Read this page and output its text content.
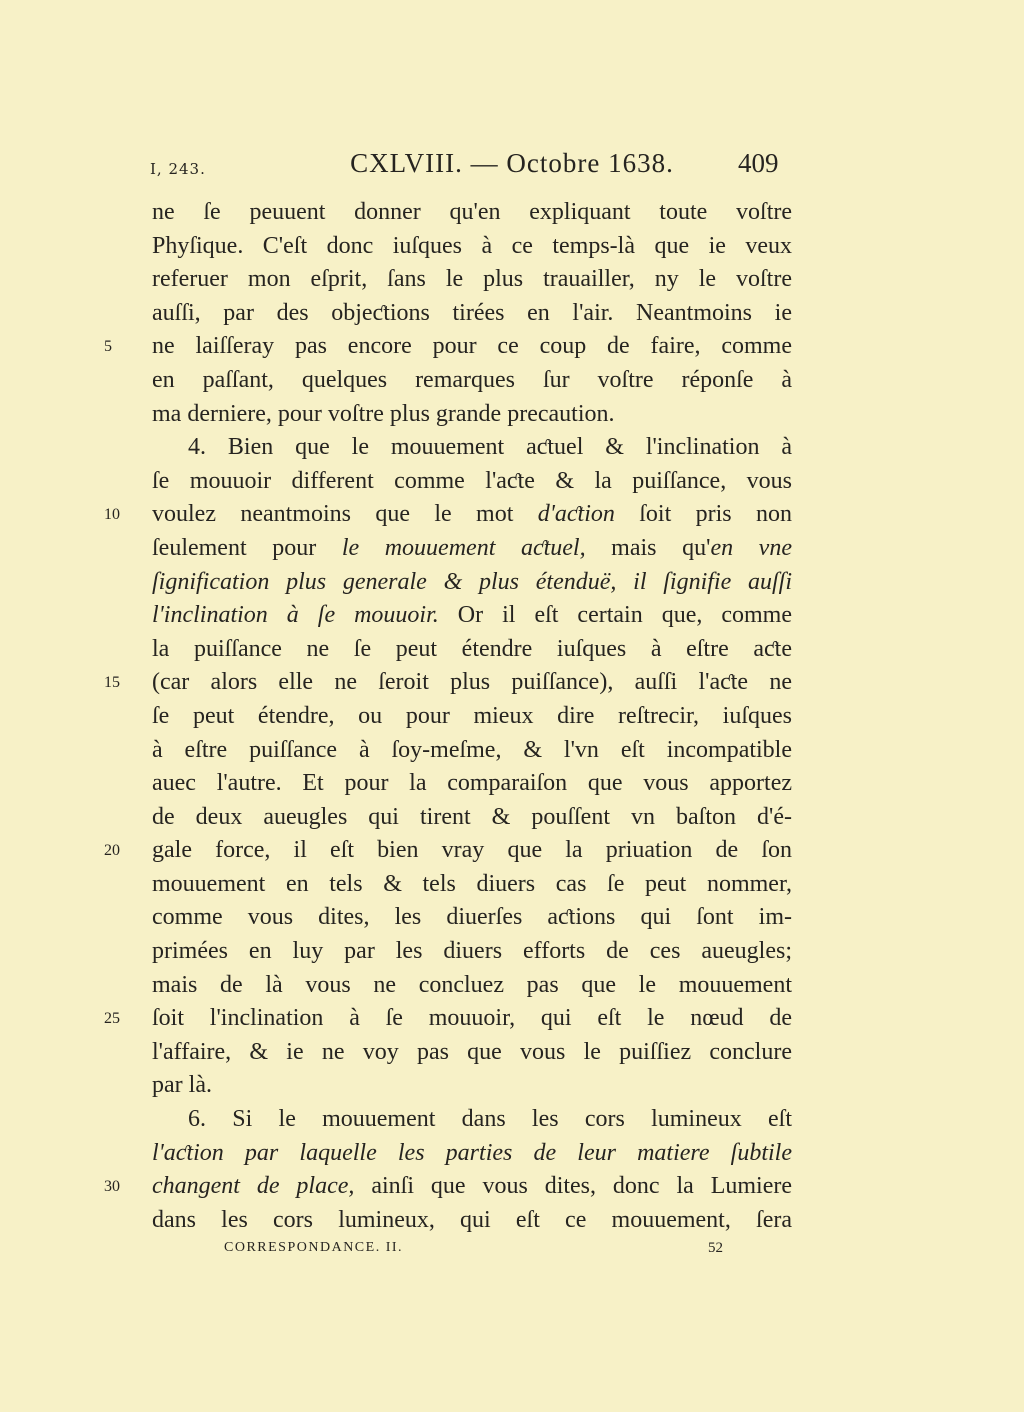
I, 243.	CXLVIII. — Octobre 1638.	409
ne ſe peuuent donner qu'en expliquant toute voſtre
Phyſique. C'eſt donc iuſques à ce temps-là que ie veux
referuer mon eſprit, ſans le plus trauailler, ny le voſtre
auſſi, par des objeƈtions tirées en l'air. Neantmoins ie
5	ne laiſſeray pas encore pour ce coup de faire, comme
en paſſant, quelques remarques ſur voſtre réponſe à
ma derniere, pour voſtre plus grande precaution.
4. Bien que le mouuement aƈtuel & l'inclination à
ſe mouuoir different comme l'aƈte & la puiſſance, vous
10	voulez neantmoins que le mot d'aƈtion ſoit pris non
ſeulement pour le mouuement aƈtuel, mais qu'en vne
ſignification plus generale & plus étenduë, il ſignifie auſſi
l'inclination à ſe mouuoir. Or il eſt certain que, comme
la puiſſance ne ſe peut étendre iuſques à eſtre aƈte
15	(car alors elle ne ſeroit plus puiſſance), auſſi l'aƈte ne
ſe peut étendre, ou pour mieux dire reſtrecir, iuſques
à eſtre puiſſance à ſoy-meſme, & l'vn eſt incompatible
auec l'autre. Et pour la comparaiſon que vous apportez
de deux aueugles qui tirent & pouſſent vn baſton d'é-
20	gale force, il eſt bien vray que la priuation de ſon
mouuement en tels & tels diuers cas ſe peut nommer,
comme vous dites, les diuerſes aƈtions qui ſont im-
primées en luy par les diuers efforts de ces aueugles;
mais de là vous ne concluez pas que le mouuement
25	ſoit l'inclination à ſe mouuoir, qui eſt le nœud de
l'affaire, & ie ne voy pas que vous le puiſſiez conclure
par là.
6. Si le mouuement dans les cors lumineux eſt
l'aƈtion par laquelle les parties de leur matiere ſubtile
30	changent de place, ainſi que vous dites, donc la Lumiere
dans les cors lumineux, qui eſt ce mouuement, ſera
CORRESPONDANCE. II.	52
